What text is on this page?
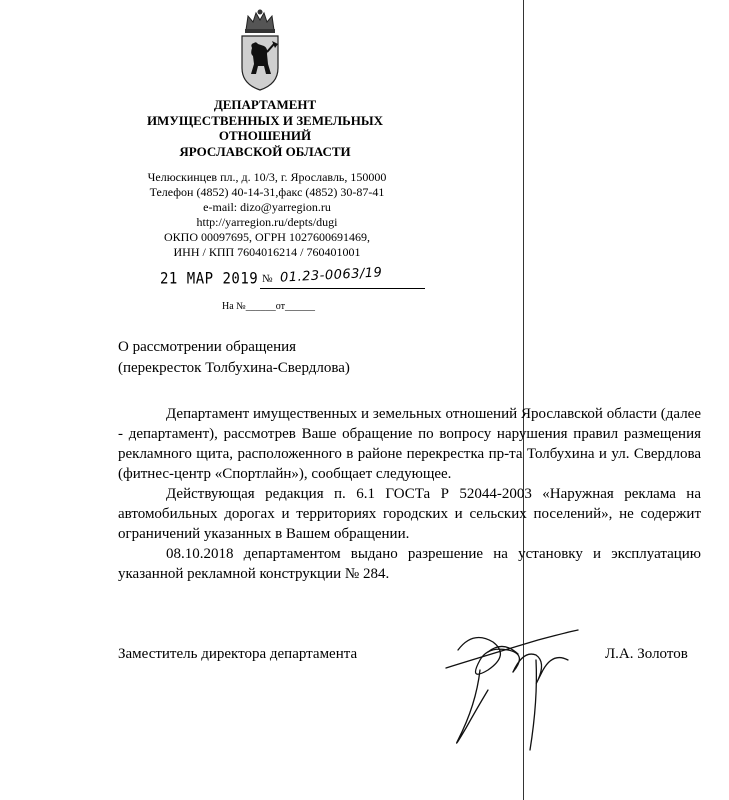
ДЕПАРТАМЕНТ
ИМУЩЕСТВЕННЫХ И ЗЕМЕЛЬНЫХ
ОТНОШЕНИЙ
ЯРОСЛАВСКОЙ ОБЛАСТИ
Челюскинцев пл., д. 10/3, г. Ярославль, 150000
Телефон (4852) 40-14-31,факс (4852) 30-87-41
e-mail: dizo@yarregion.ru
http://yarregion.ru/depts/dugi
ОКПО 00097695, ОГРН 1027600691469,
ИНН / КПП 7604016214 / 760401001
21 МАР 2019 № 01.23-0063/19
На №______от______
О рассмотрении обращения
(перекресток Толбухина-Свердлова)

Департамент имущественных и земельных отношений Ярославской области (далее - департамент), рассмотрев Ваше обращение по вопросу нарушения правил размещения рекламного щита, расположенного в районе перекрестка пр-та Толбухина и ул. Свердлова (фитнес-центр «Спортлайн»), сообщает следующее.

Действующая редакция п. 6.1 ГОСТа Р 52044-2003 «Наружная реклама на автомобильных дорогах и территориях городских и сельских поселений», не содержит ограничений указанных в Вашем обращении.

08.10.2018 департаментом выдано разрешение на установку и эксплуатацию указанной рекламной конструкции № 284.

Заместитель директора департамента	Л.А. Золотов
